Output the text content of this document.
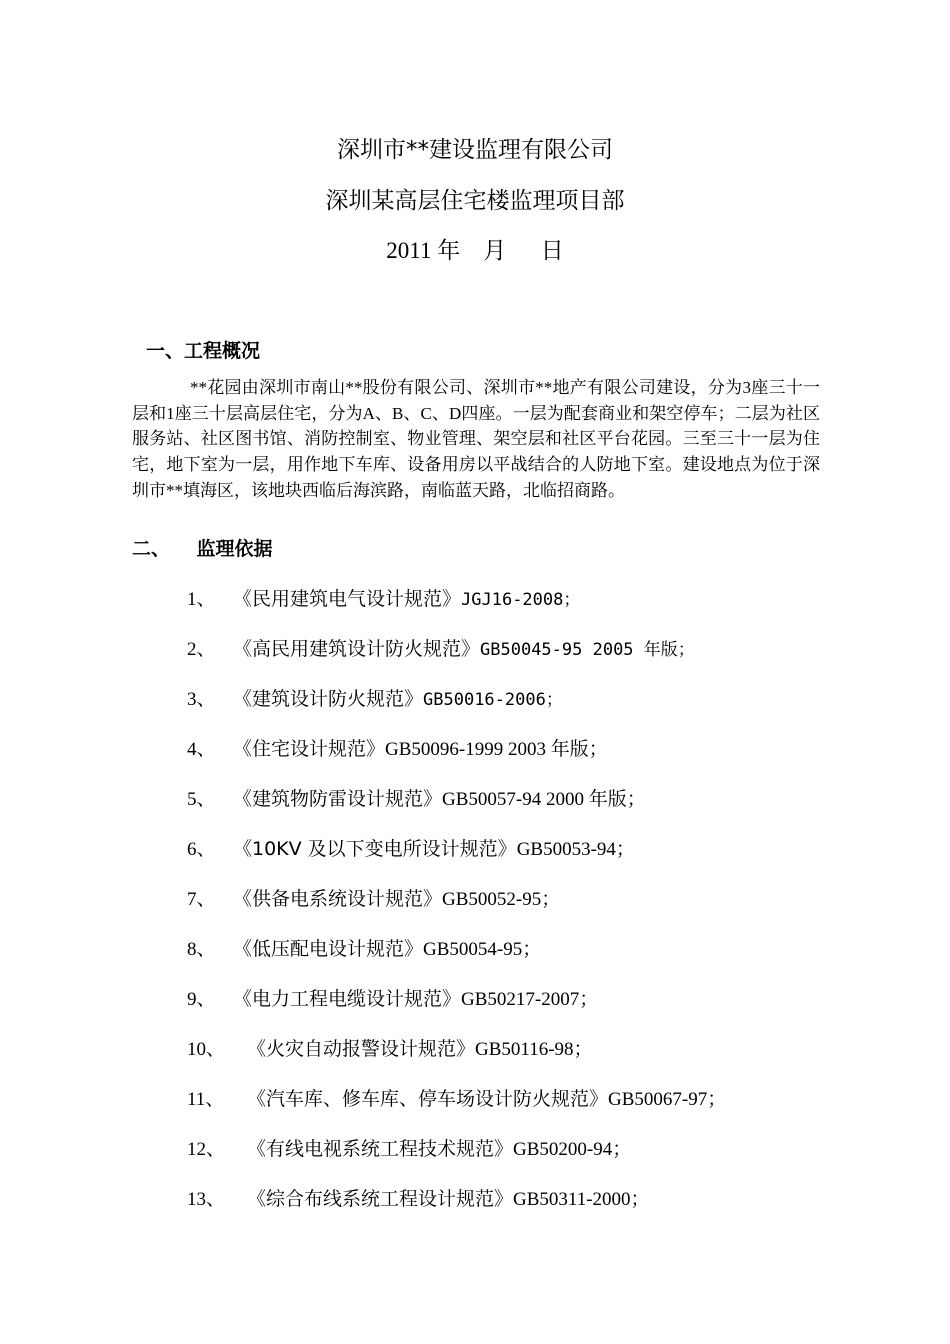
深圳市**建设监理有限公司
深圳某高层住宅楼监理项目部
2011 年    月      日
一、工程概况

**花园由深圳市南山**股份有限公司、深圳市**地产有限公司建设，分为3座三十一层和1座三十层高层住宅，分为A、B、C、D四座。一层为配套商业和架空停车；二层为社区服务站、社区图书馆、消防控制室、物业管理、架空层和社区平台花园。三至三十一层为住宅，地下室为一层，用作地下车库、设备用房以平战结合的人防地下室。建设地点为位于深圳市**填海区，该地块西临后海滨路，南临蓝天路，北临招商路。

二、    监理依据
1、 《民用建筑电气设计规范》JGJ16-2008；
2、 《高民用建筑设计防火规范》GB50045-95 2005 年版；
3、 《建筑设计防火规范》GB50016-2006；
4、 《住宅设计规范》GB50096-1999 2003 年版；
5、 《建筑物防雷设计规范》GB50057-94 2000 年版；
6、 《10KV 及以下变电所设计规范》GB50053-94；
7、 《供备电系统设计规范》GB50052-95；
8、 《低压配电设计规范》GB50054-95；
9、 《电力工程电缆设计规范》GB50217-2007；
10、 《火灾自动报警设计规范》GB50116-98；
11、 《汽车库、修车库、停车场设计防火规范》GB50067-97；
12、 《有线电视系统工程技术规范》GB50200-94；
13、 《综合布线系统工程设计规范》GB50311-2000；
